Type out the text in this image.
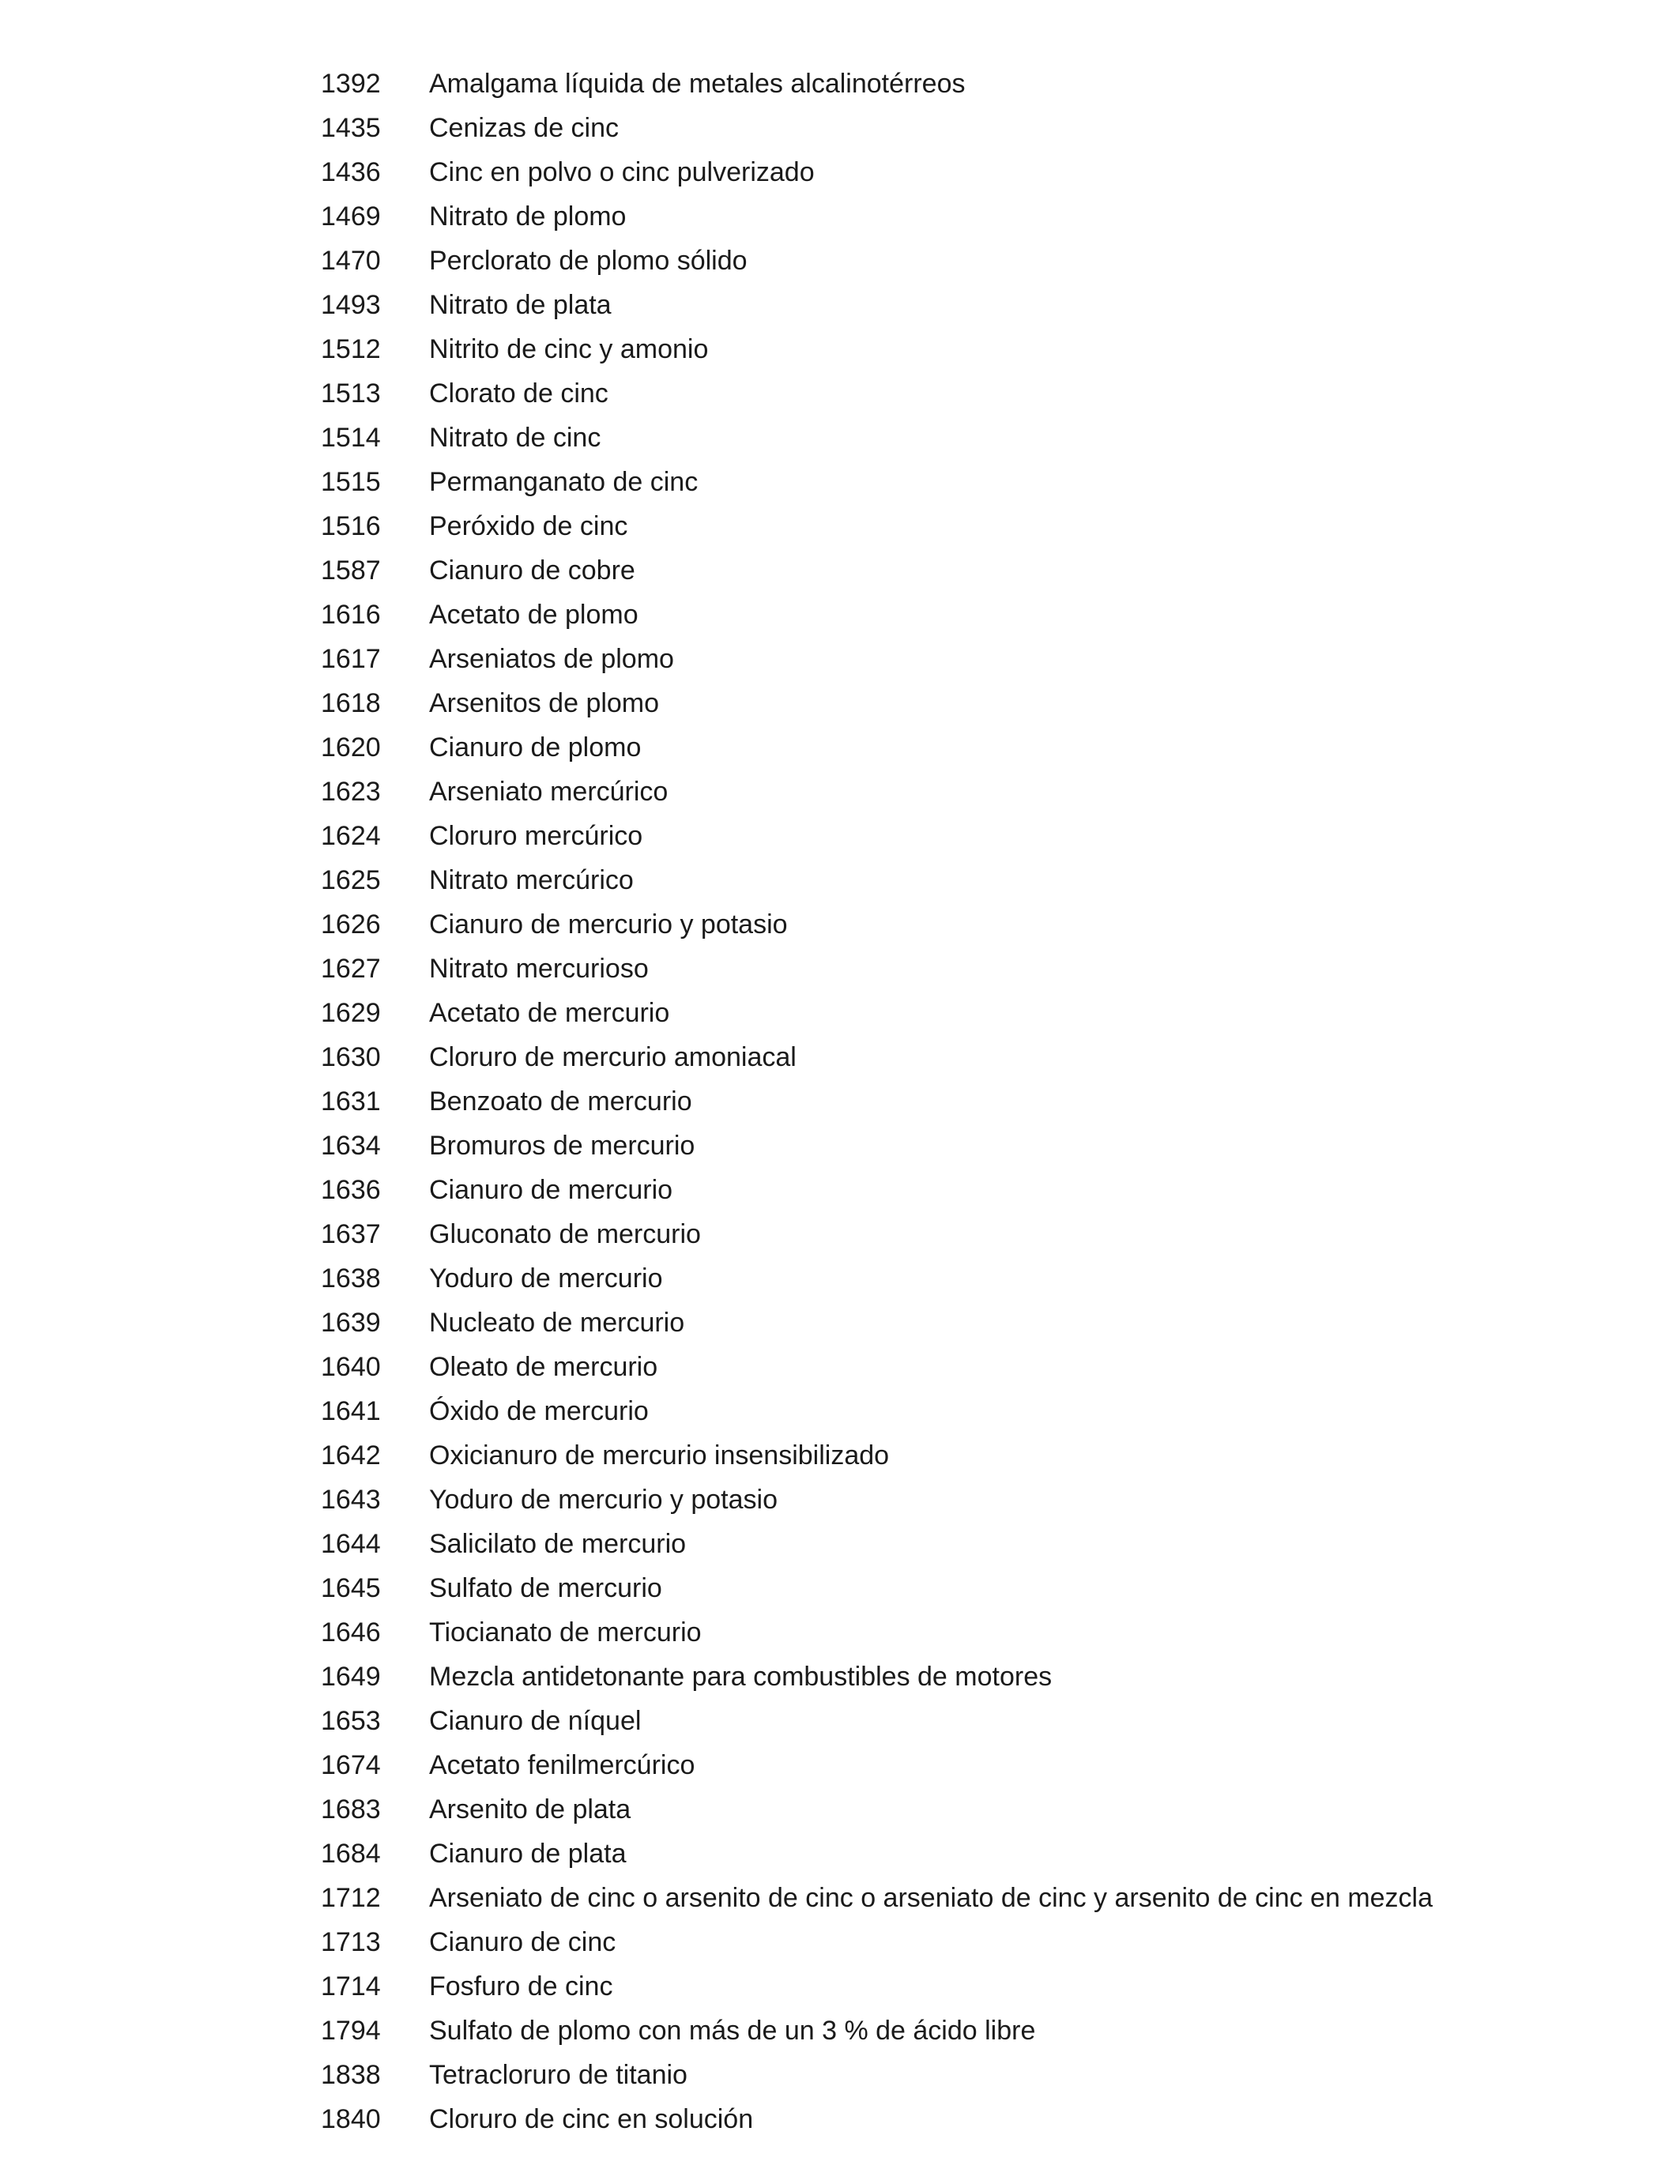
1392	Amalgama líquida de metales alcalinotérreos
1435	Cenizas de cinc
1436	Cinc en polvo o cinc pulverizado
1469	Nitrato de plomo
1470	Perclorato de plomo sólido
1493	Nitrato de plata
1512	Nitrito de cinc y amonio
1513	Clorato de cinc
1514	Nitrato de cinc
1515	Permanganato de cinc
1516	Peróxido de cinc
1587	Cianuro de cobre
1616	Acetato de plomo
1617	Arseniatos de plomo
1618	Arsenitos de plomo
1620	Cianuro de plomo
1623	Arseniato mercúrico
1624	Cloruro mercúrico
1625	Nitrato mercúrico
1626	Cianuro de mercurio y potasio
1627	Nitrato mercurioso
1629	Acetato de mercurio
1630	Cloruro de mercurio amoniacal
1631	Benzoato de mercurio
1634	Bromuros de mercurio
1636	Cianuro de mercurio
1637	Gluconato de mercurio
1638	Yoduro de mercurio
1639	Nucleato de mercurio
1640	Oleato de mercurio
1641	Óxido de mercurio
1642	Oxicianuro de mercurio insensibilizado
1643	Yoduro de mercurio y potasio
1644	Salicilato de mercurio
1645	Sulfato de mercurio
1646	Tiocianato de mercurio
1649	Mezcla antidetonante para combustibles de motores
1653	Cianuro de níquel
1674	Acetato fenilmercúrico
1683	Arsenito de plata
1684	Cianuro de plata
1712	Arseniato de cinc o arsenito de cinc o arseniato de cinc y arsenito de cinc en mezcla
1713	Cianuro de cinc
1714	Fosfuro de cinc
1794	Sulfato de plomo con más de un 3 % de ácido libre
1838	Tetracloruro de titanio
1840	Cloruro de cinc en solución
